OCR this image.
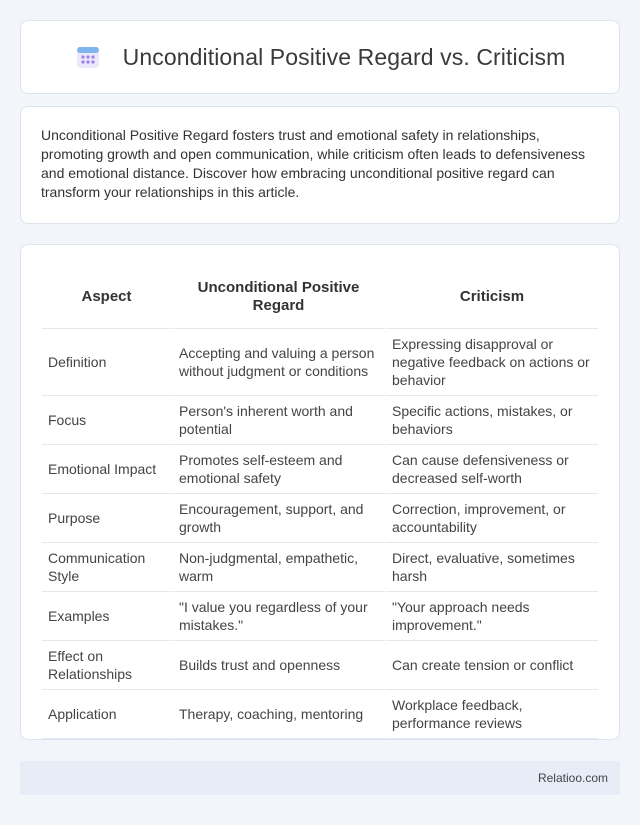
Unconditional Positive Regard vs. Criticism

Unconditional Positive Regard fosters trust and emotional safety in relationships, promoting growth and open communication, while criticism often leads to defensiveness and emotional distance. Discover how embracing unconditional positive regard can transform your relationships in this article.

Aspect	Unconditional Positive Regard	Criticism
Definition	Accepting and valuing a person without judgment or conditions	Expressing disapproval or negative feedback on actions or behavior
Focus	Person's inherent worth and potential	Specific actions, mistakes, or behaviors
Emotional Impact	Promotes self-esteem and emotional safety	Can cause defensiveness or decreased self-worth
Purpose	Encouragement, support, and growth	Correction, improvement, or accountability
Communication Style	Non-judgmental, empathetic, warm	Direct, evaluative, sometimes harsh
Examples	"I value you regardless of your mistakes."	"Your approach needs improvement."
Effect on Relationships	Builds trust and openness	Can create tension or conflict
Application	Therapy, coaching, mentoring	Workplace feedback, performance reviews
Relatioo.com
